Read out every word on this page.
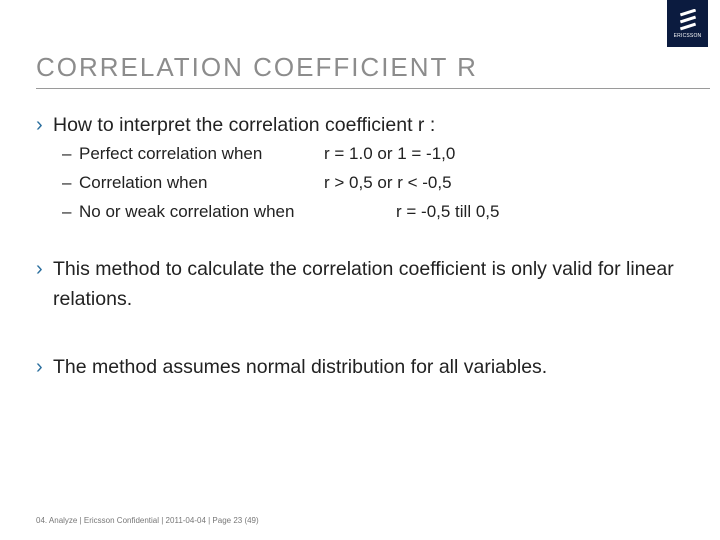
ERICSSON
CORRELATION COEFFICIENT R
› How to interpret the correlation coefficient r :
– Perfect correlation when	r = 1.0 or 1 = -1,0
– Correlation when	r > 0,5 or r < -0,5
– No or weak correlation when	r = -0,5 till 0,5
› This method to calculate the correlation coefficient is only valid for linear relations.
› The method assumes normal distribution for all variables.
04. Analyze | Ericsson Confidential | 2011-04-04 | Page 23 (49)
